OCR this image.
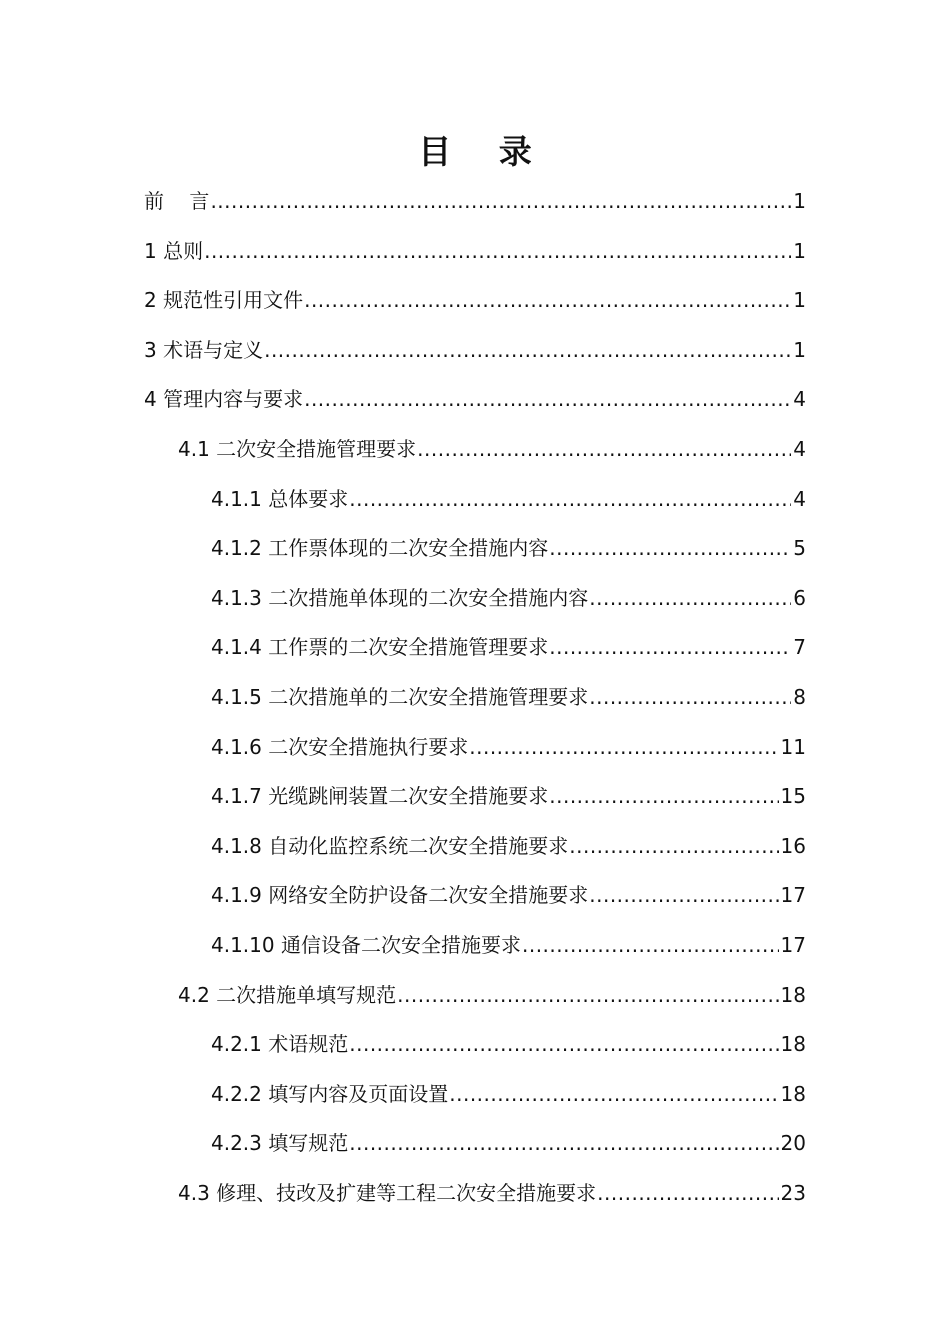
目 录
前    言 .....	1
1 总则 .....	1
2 规范性引用文件 .....	1
3 术语与定义 .....	1
4 管理内容与要求 .....	4
4.1 二次安全措施管理要求 .....	4
4.1.1 总体要求 .....	4
4.1.2 工作票体现的二次安全措施内容 .....	5
4.1.3 二次措施单体现的二次安全措施内容 .....	6
4.1.4 工作票的二次安全措施管理要求 .....	7
4.1.5 二次措施单的二次安全措施管理要求 .....	8
4.1.6 二次安全措施执行要求 .....	11
4.1.7 光缆跳闸装置二次安全措施要求 .....	15
4.1.8 自动化监控系统二次安全措施要求 .....	16
4.1.9 网络安全防护设备二次安全措施要求 .....	17
4.1.10 通信设备二次安全措施要求 .....	17
4.2 二次措施单填写规范 .....	18
4.2.1 术语规范 .....	18
4.2.2 填写内容及页面设置 .....	18
4.2.3 填写规范 .....	20
4.3 修理、技改及扩建等工程二次安全措施要求 .....	23
